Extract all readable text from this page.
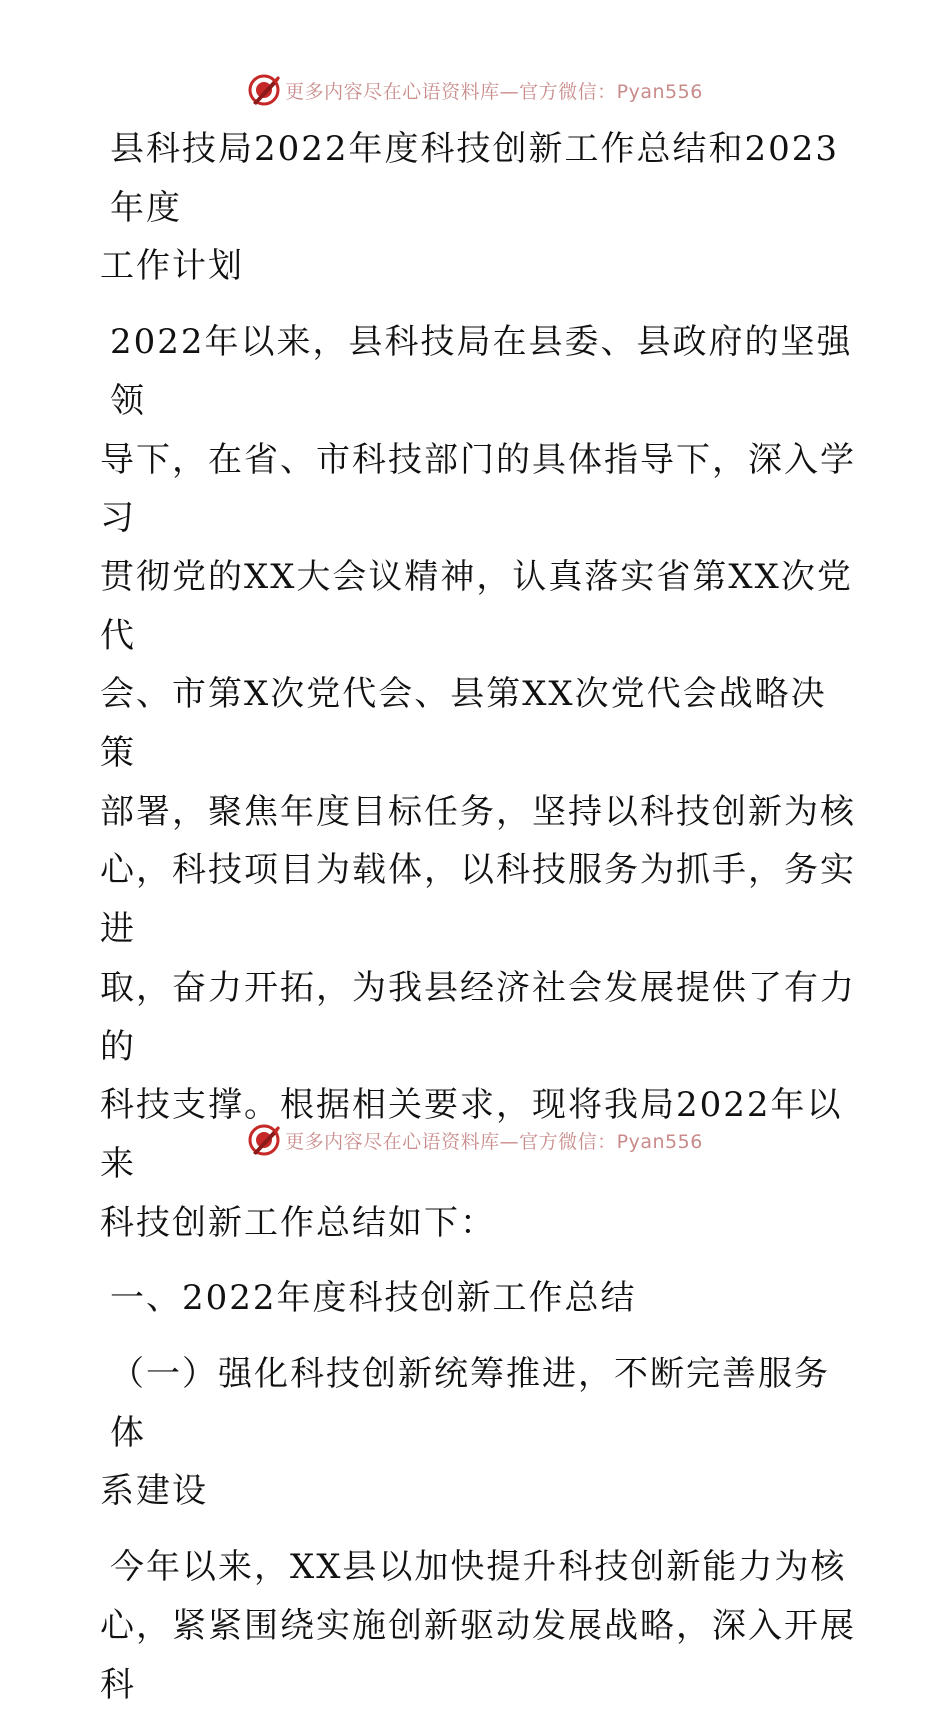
更多内容尽在心语资料库—官方微信：Pyan556

县科技局2022年度科技创新工作总结和2023年度

工作计划

2022年以来，县科技局在县委、县政府的坚强领

导下，在省、市科技部门的具体指导下，深入学习

贯彻党的XX大会议精神，认真落实省第XX次党代

会、市第X次党代会、县第XX次党代会战略决策

部署，聚焦年度目标任务，坚持以科技创新为核

心，科技项目为载体，以科技服务为抓手，务实进

取，奋力开拓，为我县经济社会发展提供了有力的

科技支撑。根据相关要求，现将我局2022年以来

科技创新工作总结如下：

一、2022年度科技创新工作总结

（一）强化科技创新统筹推进，不断完善服务体

系建设

今年以来，XX县以加快提升科技创新能力为核

心，紧紧围绕实施创新驱动发展战略，深入开展科

更多内容尽在心语资料库—官方微信：Pyan556
